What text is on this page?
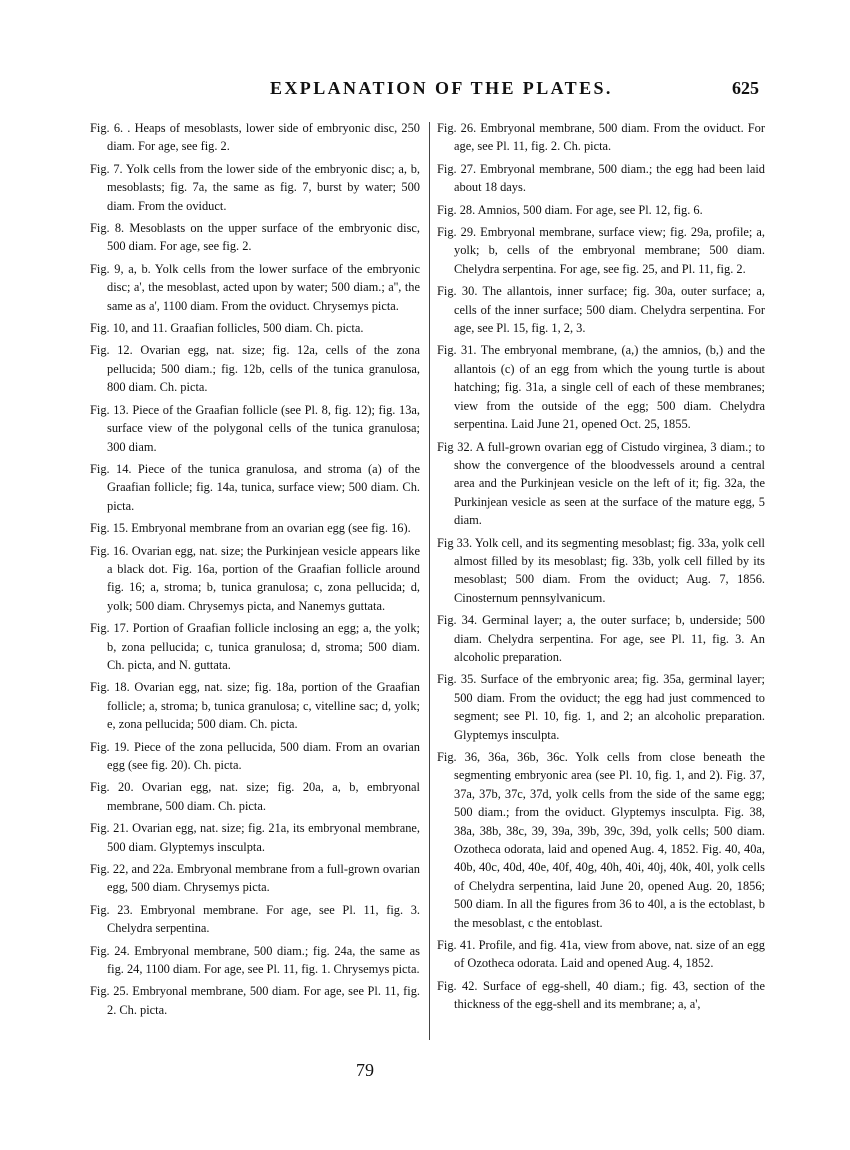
EXPLANATION OF THE PLATES.	625

Fig. 6. . Heaps of mesoblasts, lower side of embryonic disc, 250 diam. For age, see fig. 2.

Fig. 7. Yolk cells from the lower side of the embryonic disc; a, b, mesoblasts; fig. 7a, the same as fig. 7, burst by water; 500 diam. From the oviduct.

Fig. 8. Mesoblasts on the upper surface of the embryonic disc, 500 diam. For age, see fig. 2.

Fig. 9, a, b. Yolk cells from the lower surface of the embryonic disc; a', the mesoblast, acted upon by water; 500 diam.; a'', the same as a', 1100 diam. From the oviduct. Chrysemys picta.

Fig. 10, and 11. Graafian follicles, 500 diam. Ch. picta.

Fig. 12. Ovarian egg, nat. size; fig. 12a, cells of the zona pellucida; 500 diam.; fig. 12b, cells of the tunica granulosa, 800 diam. Ch. picta.

Fig. 13. Piece of the Graafian follicle (see Pl. 8, fig. 12); fig. 13a, surface view of the polygonal cells of the tunica granulosa; 300 diam.

Fig. 14. Piece of the tunica granulosa, and stroma (a) of the Graafian follicle; fig. 14a, tunica, surface view; 500 diam. Ch. picta.

Fig. 15. Embryonal membrane from an ovarian egg (see fig. 16).

Fig. 16. Ovarian egg, nat. size; the Purkinjean vesicle appears like a black dot. Fig. 16a, portion of the Graafian follicle around fig. 16; a, stroma; b, tunica granulosa; c, zona pellucida; d, yolk; 500 diam. Chrysemys picta, and Nanemys guttata.

Fig. 17. Portion of Graafian follicle inclosing an egg; a, the yolk; b, zona pellucida; c, tunica granulosa; d, stroma; 500 diam. Ch. picta, and N. guttata.

Fig. 18. Ovarian egg, nat. size; fig. 18a, portion of the Graafian follicle; a, stroma; b, tunica granulosa; c, vitelline sac; d, yolk; e, zona pellucida; 500 diam. Ch. picta.

Fig. 19. Piece of the zona pellucida, 500 diam. From an ovarian egg (see fig. 20). Ch. picta.

Fig. 20. Ovarian egg, nat. size; fig. 20a, a, b, embryonal membrane, 500 diam. Ch. picta.

Fig. 21. Ovarian egg, nat. size; fig. 21a, its embryonal membrane, 500 diam. Glyptemys insculpta.

Fig. 22, and 22a. Embryonal membrane from a full-grown ovarian egg, 500 diam. Chrysemys picta.

Fig. 23. Embryonal membrane. For age, see Pl. 11, fig. 3. Chelydra serpentina.

Fig. 24. Embryonal membrane, 500 diam.; fig. 24a, the same as fig. 24, 1100 diam. For age, see Pl. 11, fig. 1. Chrysemys picta.

Fig. 25. Embryonal membrane, 500 diam. For age, see Pl. 11, fig. 2. Ch. picta.

Fig. 26. Embryonal membrane, 500 diam. From the oviduct. For age, see Pl. 11, fig. 2. Ch. picta.

Fig. 27. Embryonal membrane, 500 diam.; the egg had been laid about 18 days.

Fig. 28. Amnios, 500 diam. For age, see Pl. 12, fig. 6.

Fig. 29. Embryonal membrane, surface view; fig. 29a, profile; a, yolk; b, cells of the embryonal membrane; 500 diam. Chelydra serpentina. For age, see fig. 25, and Pl. 11, fig. 2.

Fig. 30. The allantois, inner surface; fig. 30a, outer surface; a, cells of the inner surface; 500 diam. Chelydra serpentina. For age, see Pl. 15, fig. 1, 2, 3.

Fig. 31. The embryonal membrane, (a,) the amnios, (b,) and the allantois (c) of an egg from which the young turtle is about hatching; fig. 31a, a single cell of each of these membranes; view from the outside of the egg; 500 diam. Chelydra serpentina. Laid June 21, opened Oct. 25, 1855.

Fig 32. A full-grown ovarian egg of Cistudo virginea, 3 diam.; to show the convergence of the bloodvessels around a central area and the Purkinjean vesicle on the left of it; fig. 32a, the Purkinjean vesicle as seen at the surface of the mature egg, 5 diam.

Fig 33. Yolk cell, and its segmenting mesoblast; fig. 33a, yolk cell almost filled by its mesoblast; fig. 33b, yolk cell filled by its mesoblast; 500 diam. From the oviduct; Aug. 7, 1856. Cinosternum pennsylvanicum.

Fig. 34. Germinal layer; a, the outer surface; b, underside; 500 diam. Chelydra serpentina. For age, see Pl. 11, fig. 3. An alcoholic preparation.

Fig. 35. Surface of the embryonic area; fig. 35a, germinal layer; 500 diam. From the oviduct; the egg had just commenced to segment; see Pl. 10, fig. 1, and 2; an alcoholic preparation. Glyptemys insculpta.

Fig. 36, 36a, 36b, 36c. Yolk cells from close beneath the segmenting embryonic area (see Pl. 10, fig. 1, and 2). Fig. 37, 37a, 37b, 37c, 37d, yolk cells from the side of the same egg; 500 diam.; from the oviduct. Glyptemys insculpta. Fig. 38, 38a, 38b, 38c, 39, 39a, 39b, 39c, 39d, yolk cells; 500 diam. Ozotheca odorata, laid and opened Aug. 4, 1852. Fig. 40, 40a, 40b, 40c, 40d, 40e, 40f, 40g, 40h, 40i, 40j, 40k, 40l, yolk cells of Chelydra serpentina, laid June 20, opened Aug. 20, 1856; 500 diam. In all the figures from 36 to 40l, a is the ectoblast, b the mesoblast, c the entoblast.

Fig. 41. Profile, and fig. 41a, view from above, nat. size of an egg of Ozotheca odorata. Laid and opened Aug. 4, 1852.

Fig. 42. Surface of egg-shell, 40 diam.; fig. 43, section of the thickness of the egg-shell and its membrane; a, a',

79
